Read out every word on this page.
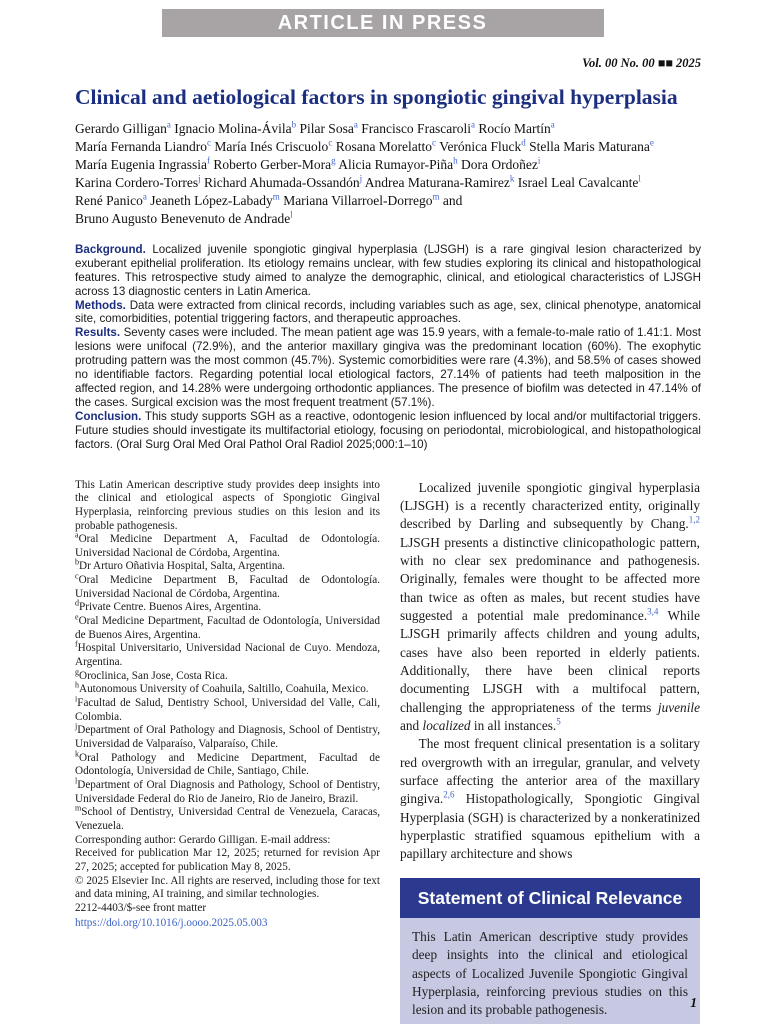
ARTICLE IN PRESS
Vol. 00 No. 00 ■■ 2025
Clinical and aetiological factors in spongiotic gingival hyperplasia
Gerardo Gilligan$^a$ Ignacio Molina-Ávila$^b$ Pilar Sosa$^a$ Francisco Frascaroli$^a$ Rocío Martín$^a$
María Fernanda Liandro$^c$ María Inés Criscuolo$^c$ Rosana Morelatto$^c$ Verónica Fluck$^d$ Stella Maris Maturana$^e$
María Eugenia Ingrassia$^f$ Roberto Gerber-Mora$^g$ Alicia Rumayor-Piña$^h$ Dora Ordoñez$^i$
Karina Cordero-Torres$^j$ Richard Ahumada-Ossandón$^j$ Andrea Maturana-Ramirez$^k$ Israel Leal Cavalcante$^l$
René Panico$^a$ Jeaneth López-Labady$^m$ Mariana Villarroel-Dorrego$^m$ and
Bruno Augusto Benevenuto de Andrade$^l$

Background. Localized juvenile spongiotic gingival hyperplasia (LJSGH) is a rare gingival lesion characterized by exuberant epithelial proliferation. Its etiology remains unclear, with few studies exploring its clinical and histopathological features. This retrospective study aimed to analyze the demographic, clinical, and etiological characteristics of LJSGH across 13 diagnostic centers in Latin America.

Methods. Data were extracted from clinical records, including variables such as age, sex, clinical phenotype, anatomical site, comorbidities, potential triggering factors, and therapeutic approaches.

Results. Seventy cases were included. The mean patient age was 15.9 years, with a female-to-male ratio of 1.41:1. Most lesions were unifocal (72.9%), and the anterior maxillary gingiva was the predominant location (60%). The exophytic protruding pattern was the most common (45.7%). Systemic comorbidities were rare (4.3%), and 58.5% of cases showed no identifiable factors. Regarding potential local etiological factors, 27.14% of patients had teeth malposition in the affected region, and 14.28% were undergoing orthodontic appliances. The presence of biofilm was detected in 47.14% of the cases. Surgical excision was the most frequent treatment (57.1%).

Conclusion. This study supports SGH as a reactive, odontogenic lesion influenced by local and/or multifactorial triggers. Future studies should investigate its multifactorial etiology, focusing on periodontal, microbiological, and histopathological factors. (Oral Surg Oral Med Oral Pathol Oral Radiol 2025;000:1–10)

This Latin American descriptive study provides deep insights into the clinical and etiological aspects of Spongiotic Gingival Hyperplasia, reinforcing previous studies on this lesion and its probable pathogenesis.

$^a$Oral Medicine Department A, Facultad de Odontología. Universidad Nacional de Córdoba, Argentina.

$^b$Dr Arturo Oñativia Hospital, Salta, Argentina.

$^c$Oral Medicine Department B, Facultad de Odontología. Universidad Nacional de Córdoba, Argentina.

$^d$Private Centre. Buenos Aires, Argentina.

$^e$Oral Medicine Department, Facultad de Odontología, Universidad de Buenos Aires, Argentina.

$^f$Hospital Universitario, Universidad Nacional de Cuyo. Mendoza, Argentina.

$^g$Oroclinica, San Jose, Costa Rica.

$^h$Autonomous University of Coahuila, Saltillo, Coahuila, Mexico.

$^i$Facultad de Salud, Dentistry School, Universidad del Valle, Cali, Colombia.

$^j$Department of Oral Pathology and Diagnosis, School of Dentistry, Universidad de Valparaíso, Valparaíso, Chile.

$^k$Oral Pathology and Medicine Department, Facultad de Odontología, Universidad de Chile, Santiago, Chile.

$^l$Department of Oral Diagnosis and Pathology, School of Dentistry, Universidade Federal do Rio de Janeiro, Rio de Janeiro, Brazil.

$^m$School of Dentistry, Universidad Central de Venezuela, Caracas, Venezuela.

Corresponding author: Gerardo Gilligan. E-mail address:

Received for publication Mar 12, 2025; returned for revision Apr 27, 2025; accepted for publication May 8, 2025.

© 2025 Elsevier Inc. All rights are reserved, including those for text and data mining, AI training, and similar technologies.

2212-4403/$-see front matter

https://doi.org/10.1016/j.oooo.2025.05.003

Localized juvenile spongiotic gingival hyperplasia (LJSGH) is a recently characterized entity, originally described by Darling and subsequently by Chang.$^{1,2}$ LJSGH presents a distinctive clinicopathologic pattern, with no clear sex predominance and pathogenesis. Originally, females were thought to be affected more than twice as often as males, but recent studies have suggested a potential male predominance.$^{3,4}$ While LJSGH primarily affects children and young adults, cases have also been reported in elderly patients. Additionally, there have been clinical reports documenting LJSGH with a multifocal pattern, challenging the appropriateness of the terms juvenile and localized in all instances.$^5$

The most frequent clinical presentation is a solitary red overgrowth with an irregular, granular, and velvety surface affecting the anterior area of the maxillary gingiva.$^{2,6}$ Histopathologically, Spongiotic Gingival Hyperplasia (SGH) is characterized by a nonkeratinized hyperplastic stratified squamous epithelium with a papillary architecture and shows

Statement of Clinical Relevance
This Latin American descriptive study provides deep insights into the clinical and etiological aspects of Localized Juvenile Spongiotic Gingival Hyperplasia, reinforcing previous studies on this lesion and its probable pathogenesis.	1
